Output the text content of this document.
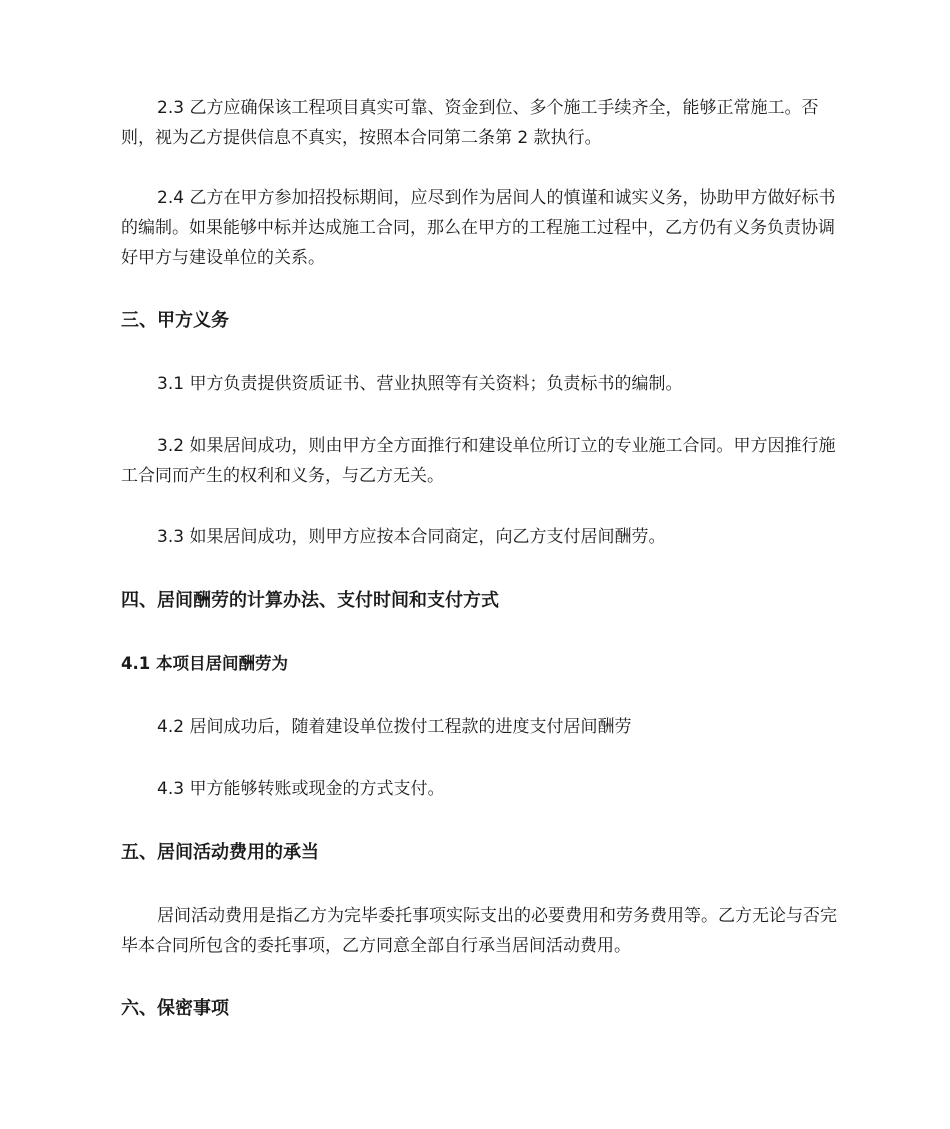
2.3 乙方应确保该工程项目真实可靠、资金到位、多个施工手续齐全，能够正常施工。否则，视为乙方提供信息不真实，按照本合同第二条第 2 款执行。

2.4 乙方在甲方参加招投标期间，应尽到作为居间人的慎谨和诚实义务，协助甲方做好标书的编制。如果能够中标并达成施工合同，那么在甲方的工程施工过程中，乙方仍有义务负责协调好甲方与建设单位的关系。

三、甲方义务

3.1 甲方负责提供资质证书、营业执照等有关资料；负责标书的编制。

3.2 如果居间成功，则由甲方全方面推行和建设单位所订立的专业施工合同。甲方因推行施工合同而产生的权利和义务，与乙方无关。

3.3 如果居间成功，则甲方应按本合同商定，向乙方支付居间酬劳。

四、居间酬劳的计算办法、支付时间和支付方式

4.1 本项目居间酬劳为

4.2 居间成功后，随着建设单位拨付工程款的进度支付居间酬劳

4.3 甲方能够转账或现金的方式支付。

五、居间活动费用的承当

居间活动费用是指乙方为完毕委托事项实际支出的必要费用和劳务费用等。乙方无论与否完毕本合同所包含的委托事项，乙方同意全部自行承当居间活动费用。

六、保密事项
